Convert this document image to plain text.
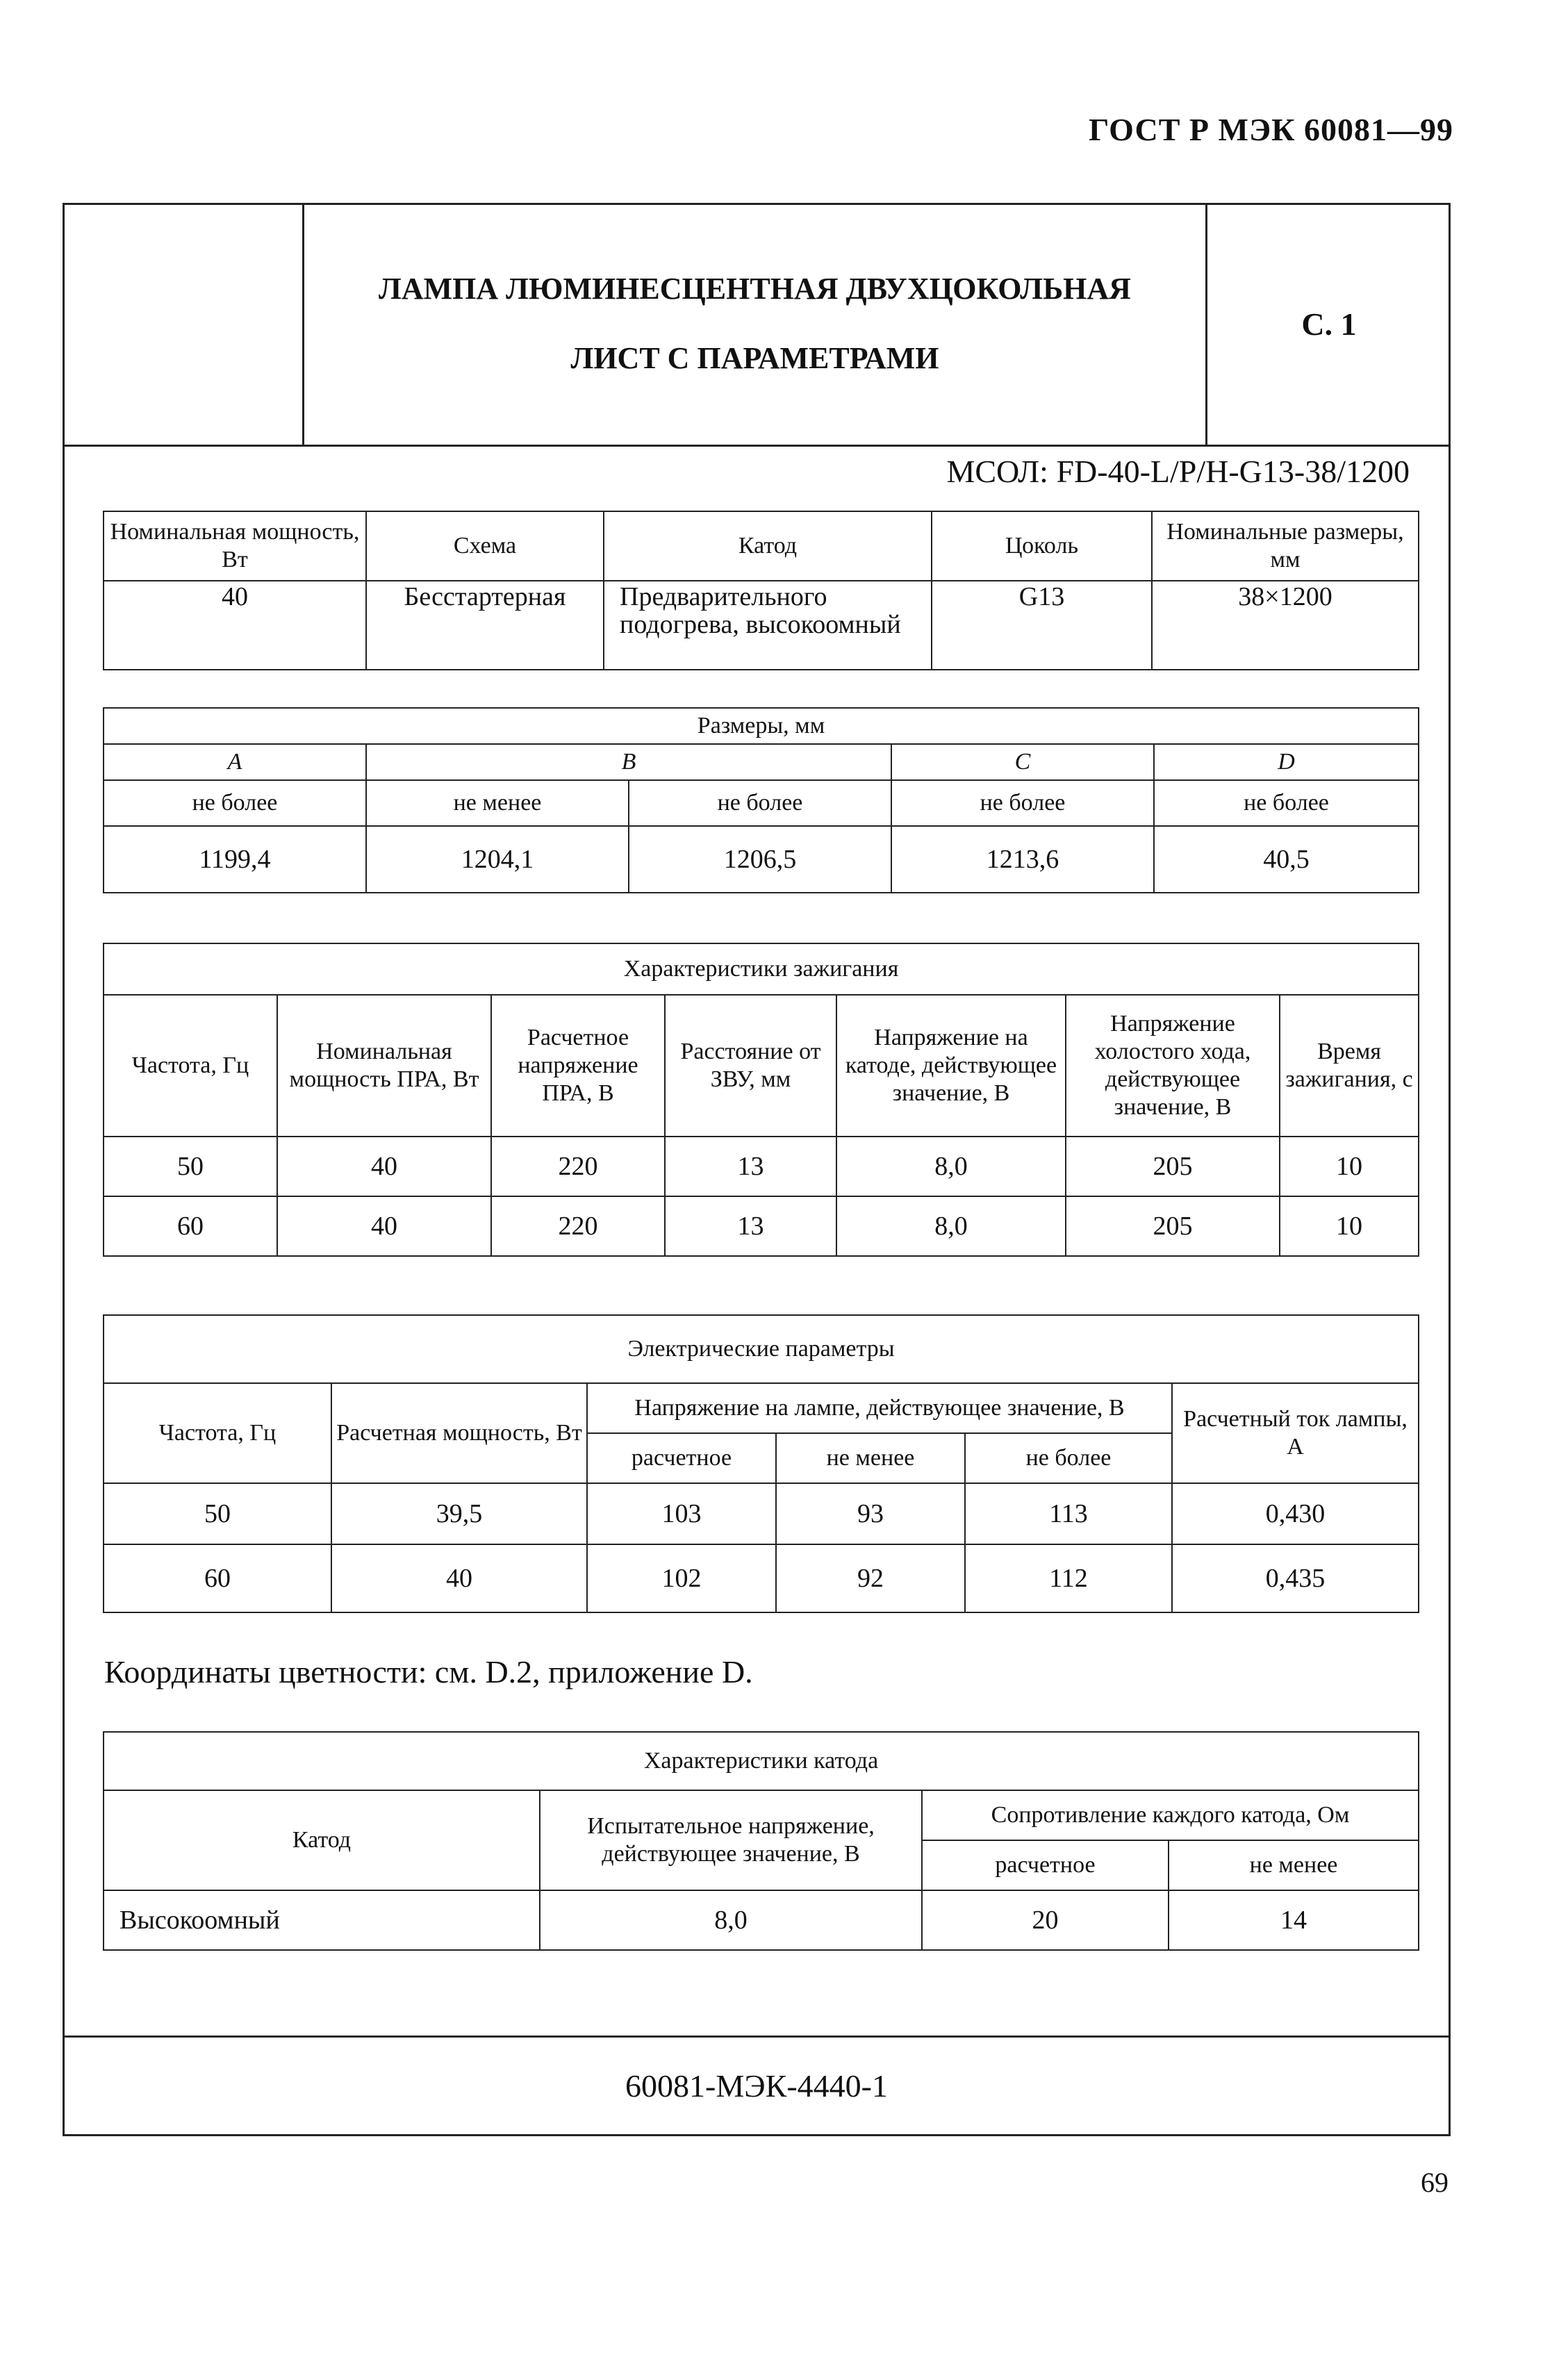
ГОСТ Р МЭК 60081—99
ЛАМПА ЛЮМИНЕСЦЕНТНАЯ ДВУХЦОКОЛЬНАЯ
ЛИСТ С ПАРАМЕТРАМИ
С. 1
МСОЛ: FD-40-L/P/H-G13-38/1200
Номинальная мощность, Вт	Схема	Катод	Цоколь	Номинальные размеры, мм
40	Бесстартерная	Предварительного подогрева, высокоомный	G13	38×1200
Размеры, мм				
A	B		C	D
не более	не менее	не более	не более	не более
1199,4	1204,1	1206,5	1213,6	40,5
Характеристики зажигания						
Частота, Гц	Номинальная мощность ПРА, Вт	Расчетное напряжение ПРА, В	Расстояние от ЗВУ, мм	Напряжение на катоде, действующее значение, В	Напряжение холостого хода, действующее значение, В	Время зажигания, с
50	40	220	13	8,0	205	10
60	40	220	13	8,0	205	10
Электрические параметры					
Частота, Гц	Расчетная мощность, Вт	Напряжение на лампе, действующее значение, В			Расчетный ток лампы, А
		расчетное	не менее	не более	
50	39,5	103	93	113	0,430
60	40	102	92	112	0,435
Координаты цветности: см. D.2, приложение D.
Характеристики катода			
Катод	Испытательное напряжение, действующее значение, В	Сопротивление каждого катода, Ом	
		расчетное	не менее
Высокоомный	8,0	20	14
60081-МЭК-4440-1
69
